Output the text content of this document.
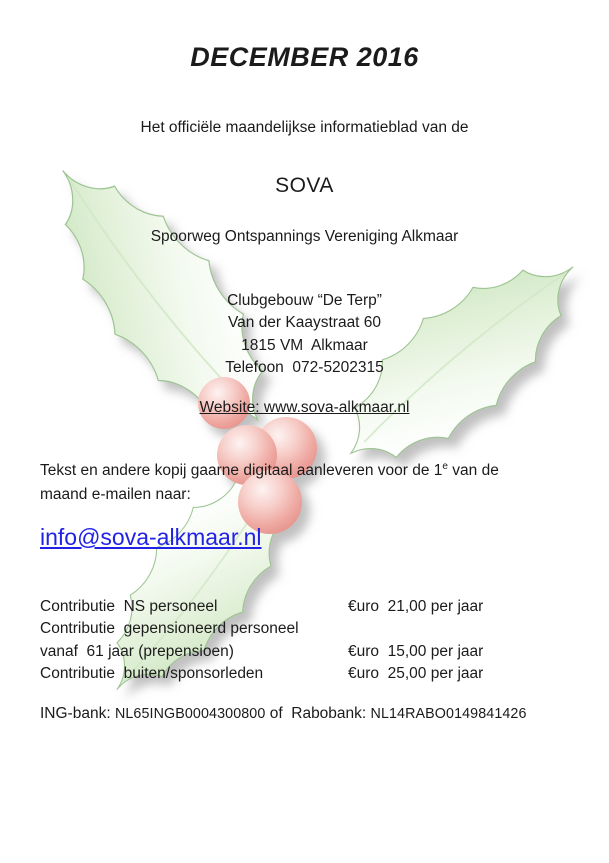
DECEMBER 2016
Het officiële maandelijkse informatieblad van de
SOVA
Spoorweg Ontspannings Vereniging Alkmaar
Clubgebouw “De Terp”
Van der Kaaystraat 60
1815 VM  Alkmaar
Telefoon  072-5202315
Website: www.sova-alkmaar.nl
Tekst en andere kopij gaarne digitaal aanleveren voor de 1e van de
maand e-mailen naar:
info@sova-alkmaar.nl
Contributie  NS personeel	€uro  21,00 per jaar
Contributie  gepensioneerd personeel
vanaf  61 jaar (prepensioen)	€uro  15,00 per jaar
Contributie  buiten/sponsorleden	€uro  25,00 per jaar
ING-bank: NL65INGB0004300800 of  Rabobank: NL14RABO0149841426
